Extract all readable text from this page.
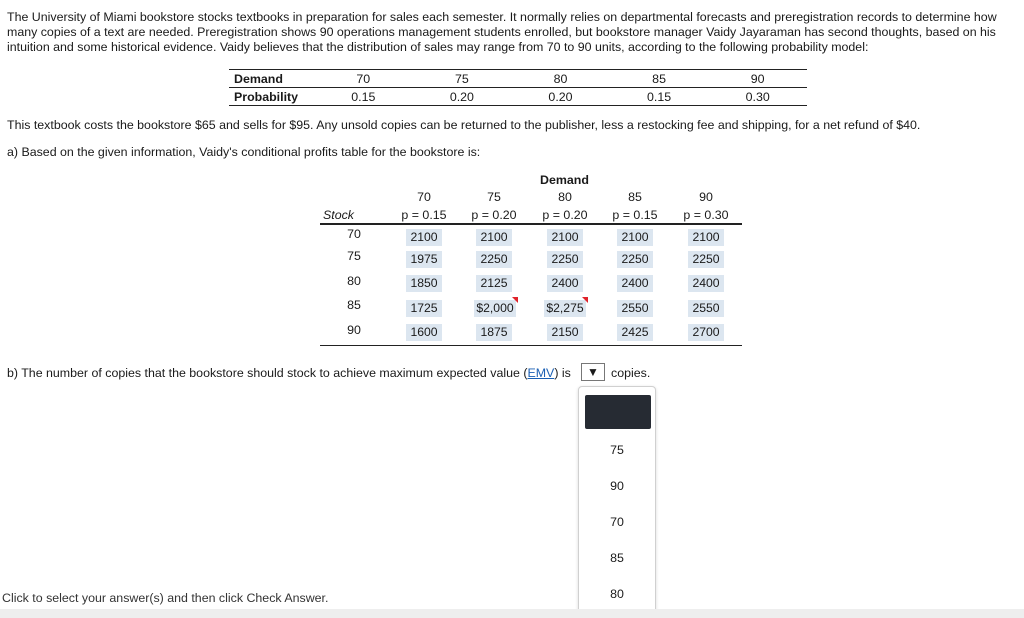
The University of Miami bookstore stocks textbooks in preparation for sales each semester. It normally relies on departmental forecasts and preregistration records to determine how many copies of a text are needed. Preregistration shows 90 operations management students enrolled, but bookstore manager Vaidy Jayaraman has second thoughts, based on his intuition and some historical evidence. Vaidy believes that the distribution of sales may range from 70 to 90 units, according to the following probability model:
Demand	70	75	80	85	90
Probability	0.15	0.20	0.20	0.15	0.30
This textbook costs the bookstore $65 and sells for $95. Any unsold copies can be returned to the publisher, less a restocking fee and shipping, for a net refund of $40.
a) Based on the given information, Vaidy's conditional profits table for the bookstore is:
Demand
70	75	80	85	90
Stock	p = 0.15	p = 0.20	p = 0.20	p = 0.15	p = 0.30
70	2100	2100	2100	2100	2100
75	1975	2250	2250	2250	2250
80	1850	2125	2400	2400	2400
85	1725	$2,000	$2,275	2550	2550
90	1600	1875	2150	2425	2700
b) The number of copies that the bookstore should stock to achieve maximum expected value (EMV) is ▼ copies.
75
90
70
85
80
Click to select your answer(s) and then click Check Answer.
